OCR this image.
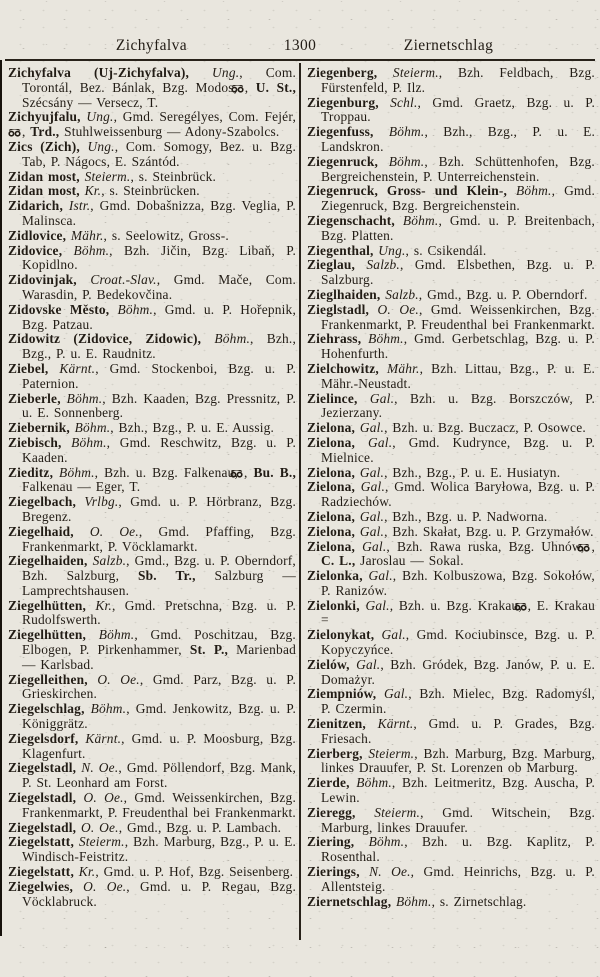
Zichyfalva	1300	Ziernetschlag

Zichyfalva (Uj-Zichyfalva), Ung., Com. Torontál, Bez. Bánlak, Bzg. Modos, , U. St., Szécsány — Versecz, T.

Zichyujfalu, Ung., Gmd. Seregélyes, Com. Fejér, , Trd., Stuhlweissenburg — Adony-Szabolcs.

Zics (Zich), Ung., Com. Somogy, Bez. u. Bzg. Tab, P. Nágocs, E. Szántód.

Zidan most, Steierm., s. Steinbrück.

Zidan most, Kr., s. Steinbrücken.

Zidarich, Istr., Gmd. Dobašnizza, Bzg. Veglia, P. Malinsca.

Zidlovice, Mähr., s. Seelowitz, Gross-.

Zidovice, Böhm., Bzh. Jičin, Bzg. Libaň, P. Kopidlno.

Zidovinjak, Croat.-Slav., Gmd. Mače, Com. Warasdin, P. Bedekovčina.

Zidovske Město, Böhm., Gmd. u. P. Hořepnik, Bzg. Patzau.

Zidowitz (Zidovice, Zidowic), Böhm., Bzh., Bzg., P. u. E. Raudnitz.

Ziebel, Kärnt., Gmd. Stockenboi, Bzg. u. P. Paternion.

Zieberle, Böhm., Bzh. Kaaden, Bzg. Pressnitz, P. u. E. Sonnenberg.

Ziebernik, Böhm., Bzh., Bzg., P. u. E. Aussig.

Ziebisch, Böhm., Gmd. Reschwitz, Bzg. u. P. Kaaden.

Zieditz, Böhm., Bzh. u. Bzg. Falkenau, , Bu. B., Falkenau — Eger, T.

Ziegelbach, Vrlbg., Gmd. u. P. Hörbranz, Bzg. Bregenz.

Ziegelhaid, O. Oe., Gmd. Pfaffing, Bzg. Frankenmarkt, P. Vöcklamarkt.

Ziegelhaiden, Salzb., Gmd., Bzg. u. P. Oberndorf, Bzh. Salzburg, Sb. Tr., Salzburg — Lamprechtshausen.

Ziegelhütten, Kr., Gmd. Pretschna, Bzg. u. P. Rudolfswerth.

Ziegelhütten, Böhm., Gmd. Poschitzau, Bzg. Elbogen, P. Pirkenhammer, St. P., Marienbad — Karlsbad.

Ziegelleithen, O. Oe., Gmd. Parz, Bzg. u. P. Grieskirchen.

Ziegelschlag, Böhm., Gmd. Jenkowitz, Bzg. u. P. Königgrätz.

Ziegelsdorf, Kärnt., Gmd. u. P. Moosburg, Bzg. Klagenfurt.

Ziegelstadl, N. Oe., Gmd. Pöllendorf, Bzg. Mank, P. St. Leonhard am Forst.

Ziegelstadl, O. Oe., Gmd. Weissenkirchen, Bzg. Frankenmarkt, P. Freudenthal bei Frankenmarkt.

Ziegelstadl, O. Oe., Gmd., Bzg. u. P. Lambach.

Ziegelstatt, Steierm., Bzh. Marburg, Bzg., P. u. E. Windisch-Feistritz.

Ziegelstatt, Kr., Gmd. u. P. Hof, Bzg. Seisenberg.

Ziegelwies, O. Oe., Gmd. u. P. Regau, Bzg. Vöcklabruck.

Ziegenberg, Steierm., Bzh. Feldbach, Bzg. Fürstenfeld, P. Ilz.

Ziegenburg, Schl., Gmd. Graetz, Bzg. u. P. Troppau.

Ziegenfuss, Böhm., Bzh., Bzg., P. u. E. Landskron.

Ziegenruck, Böhm., Bzh. Schüttenhofen, Bzg. Bergreichenstein, P. Unterreichenstein.

Ziegenruck, Gross- und Klein-, Böhm., Gmd. Ziegenruck, Bzg. Bergreichenstein.

Ziegenschacht, Böhm., Gmd. u. P. Breitenbach, Bzg. Platten.

Ziegenthal, Ung., s. Csikendál.

Zieglau, Salzb., Gmd. Elsbethen, Bzg. u. P. Salzburg.

Zieglhaiden, Salzb., Gmd., Bzg. u. P. Oberndorf.

Zieglstadl, O. Oe., Gmd. Weissenkirchen, Bzg. Frankenmarkt, P. Freudenthal bei Frankenmarkt.

Ziehrass, Böhm., Gmd. Gerbetschlag, Bzg. u. P. Hohenfurth.

Zielchowitz, Mähr., Bzh. Littau, Bzg., P. u. E. Mähr.-Neustadt.

Zielince, Gal., Bzh. u. Bzg. Borszczów, P. Jezierzany.

Zielona, Gal., Bzh. u. Bzg. Buczacz, P. Osowce.

Zielona, Gal., Gmd. Kudrynce, Bzg. u. P. Mielnice.

Zielona, Gal., Bzh., Bzg., P. u. E. Husiatyn.

Zielona, Gal., Gmd. Wolica Baryłowa, Bzg. u. P. Radziechów.

Zielona, Gal., Bzh., Bzg. u. P. Nadworna.

Zielona, Gal., Bzh. Skałat, Bzg. u. P. Grzymałów.

Zielona, Gal., Bzh. Rawa ruska, Bzg. Uhnów, , C. L., Jaroslau — Sokal.

Zielonka, Gal., Bzh. Kolbuszowa, Bzg. Sokołów, P. Ranizów.

Zielonki, Gal., Bzh. u. Bzg. Krakau, , E. Krakau =

Zielonykat, Gal., Gmd. Kociubinsce, Bzg. u. P. Kopyczyńce.

Zielów, Gal., Bzh. Gródek, Bzg. Janów, P. u. E. Domażyr.

Ziempniów, Gal., Bzh. Mielec, Bzg. Radomyśl, P. Czermin.

Zienitzen, Kärnt., Gmd. u. P. Grades, Bzg. Friesach.

Zierberg, Steierm., Bzh. Marburg, Bzg. Marburg, linkes Drauufer, P. St. Lorenzen ob Marburg.

Zierde, Böhm., Bzh. Leitmeritz, Bzg. Auscha, P. Lewin.

Zieregg, Steierm., Gmd. Witschein, Bzg. Marburg, linkes Drauufer.

Ziering, Böhm., Bzh. u. Bzg. Kaplitz, P. Rosenthal.

Zierings, N. Oe., Gmd. Heinrichs, Bzg. u. P. Allentsteig.

Ziernetschlag, Böhm., s. Zirnetschlag.
